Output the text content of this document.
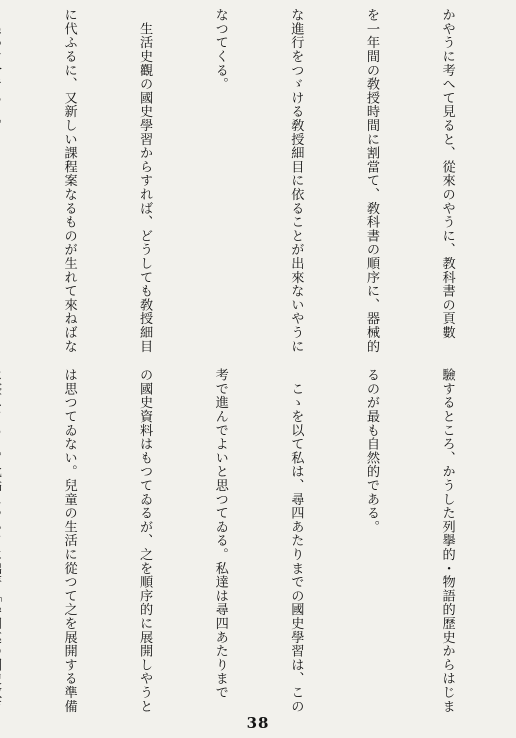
かやうに考へて見ると、從來のやうに、教科書の頁數

を一年間の敎授時間に割當て、敎科書の順序に、器械的

な進行をつゞける敎授細目に依ることが出來ないやうに

なつてくる。

　生活史觀の國史學習からすれば、どうしても敎授細目

に代ふるに、又新しい課程案なるものが生れて來ねばな

驗するところ、かうした列擧的・物語的歷史からはじま

るのが最も自然的である。

　こゝを以て私は、尋四あたりまでの國史學習は、この

考で進んでよいと思つてゐる。私達は尋四あたりまで

の國史資料はもつてゐるが、之を順序的に展開しやうと

は思つてゐない。兒童の生活に從つて之を展開する準備

38
